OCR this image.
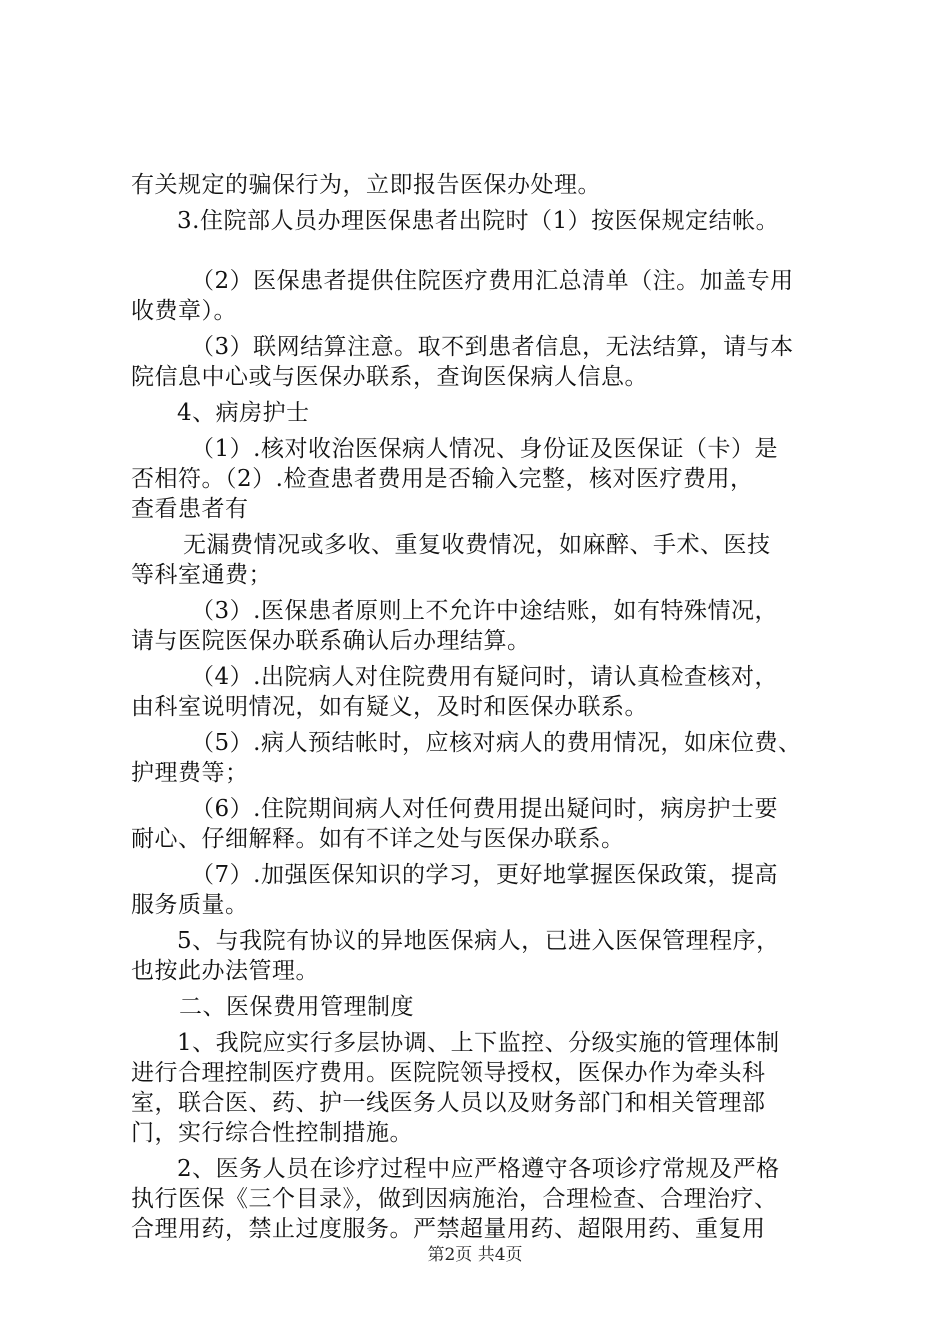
有关规定的骗保行为，立即报告医保办处理。

3.住院部人员办理医保患者出院时（1）按医保规定结帐。

（2）医保患者提供住院医疗费用汇总清单（注。加盖专用

收费章）。

（3）联网结算注意。取不到患者信息，无法结算，请与本

院信息中心或与医保办联系，查询医保病人信息。

4、病房护士

（1）.核对收治医保病人情况、身份证及医保证（卡）是

否相符。（2）.检查患者费用是否输入完整，核对医疗费用，

查看患者有

无漏费情况或多收、重复收费情况，如麻醉、手术、医技

等科室通费；

（3）.医保患者原则上不允许中途结账，如有特殊情况，

请与医院医保办联系确认后办理结算。

（4）.出院病人对住院费用有疑问时，请认真检查核对，

由科室说明情况，如有疑义，及时和医保办联系。

（5）.病人预结帐时，应核对病人的费用情况，如床位费、

护理费等；

（6）.住院期间病人对任何费用提出疑问时，病房护士要

耐心、仔细解释。如有不详之处与医保办联系。

（7）.加强医保知识的学习，更好地掌握医保政策，提高

服务质量。

5、与我院有协议的异地医保病人，已进入医保管理程序，

也按此办法管理。

二、医保费用管理制度

1、我院应实行多层协调、上下监控、分级实施的管理体制

进行合理控制医疗费用。医院院领导授权，医保办作为牵头科

室，联合医、药、护一线医务人员以及财务部门和相关管理部

门，实行综合性控制措施。

2、医务人员在诊疗过程中应严格遵守各项诊疗常规及严格

执行医保《三个目录》，做到因病施治，合理检查、合理治疗、

合理用药，禁止过度服务。严禁超量用药、超限用药、重复用

第2页 共4页
